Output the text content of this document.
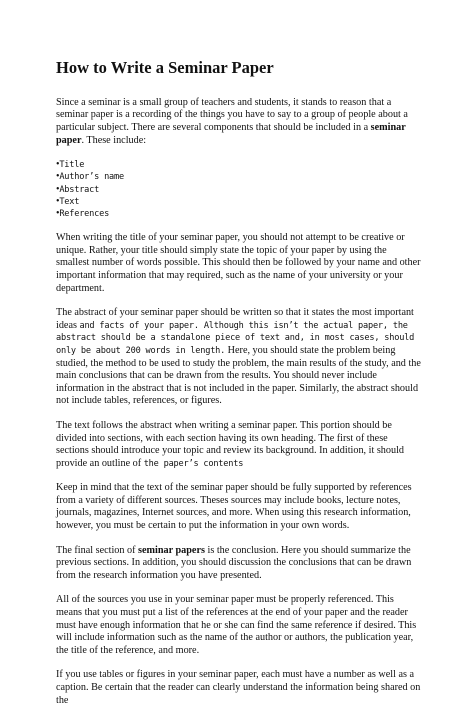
How to Write a Seminar Paper

Since a seminar is a small group of teachers and students, it stands to reason that a seminar paper is a recording of the things you have to say to a group of people about a particular subject. There are several components that should be included in a seminar paper. These include:

• Title
• Author’s name
• Abstract
• Text
• References

When writing the title of your seminar paper, you should not attempt to be creative or unique. Rather, your title should simply state the topic of your paper by using the smallest number of words possible. This should then be followed by your name and other important information that may required, such as the name of your university or your department.

The abstract of your seminar paper should be written so that it states the most important ideas and facts of your paper. Although this isn’t the actual paper, the abstract should be a standalone piece of text and, in most cases, should only be about 200 words in length. Here, you should state the problem being studied, the method to be used to study the problem, the main results of the study, and the main conclusions that can be drawn from the results. You should never include information in the abstract that is not included in the paper. Similarly, the abstract should not include tables, references, or figures.

The text follows the abstract when writing a seminar paper. This portion should be divided into sections, with each section having its own heading. The first of these sections should introduce your topic and review its background. In addition, it should provide an outline of the paper’s contents

Keep in mind that the text of the seminar paper should be fully supported by references from a variety of different sources. Theses sources may include books, lecture notes, journals, magazines, Internet sources, and more. When using this research information, however, you must be certain to put the information in your own words.

The final section of seminar papers is the conclusion. Here you should summarize the previous sections. In addition, you should discussion the conclusions that can be drawn from the research information you have presented.

All of the sources you use in your seminar paper must be properly referenced. This means that you must put a list of the references at the end of your paper and the reader must have enough information that he or she can find the same reference if desired. This will include information such as the name of the author or authors, the publication year, the title of the reference, and more.

If you use tables or figures in your seminar paper, each must have a number as well as a caption. Be certain that the reader can clearly understand the information being shared on the
